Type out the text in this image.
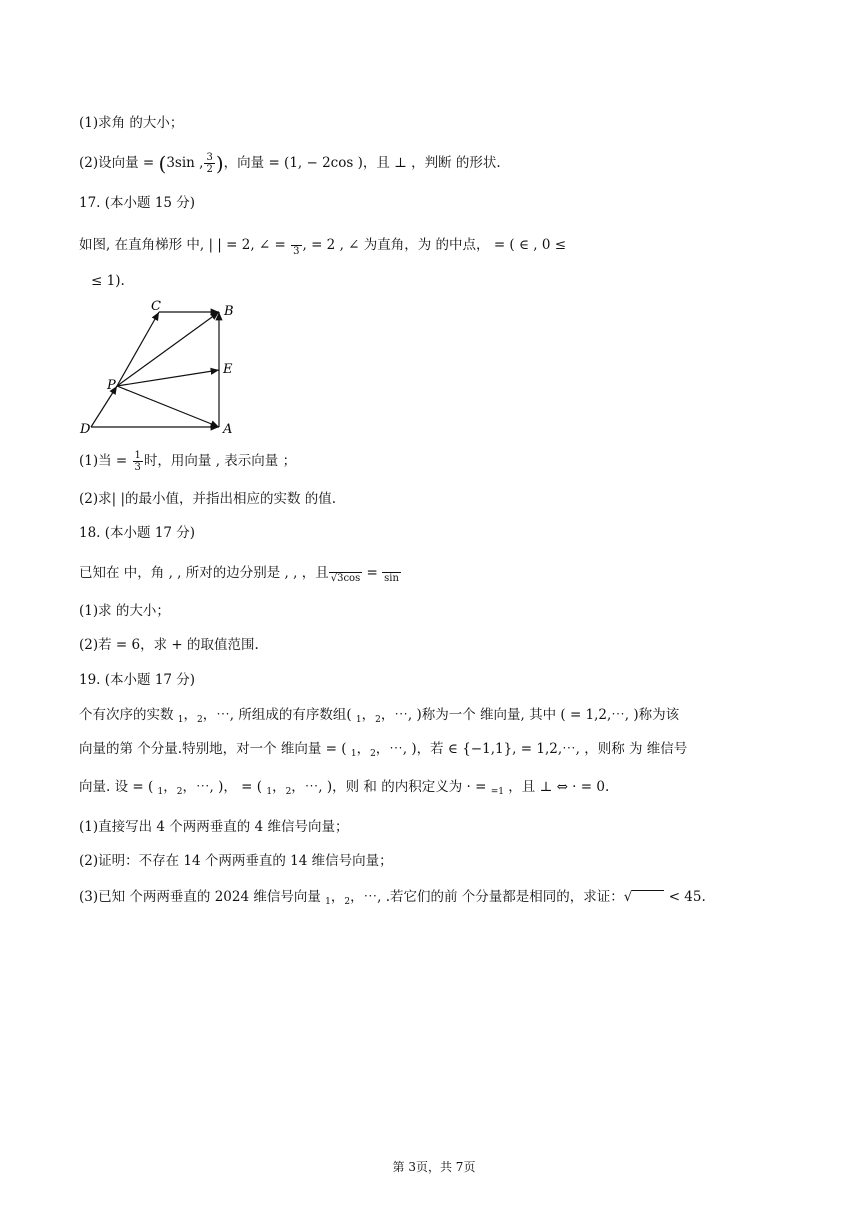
(1)求角 的大小；
(2)设向量 = (3sin , $\frac{3}{2}$ )，向量 = (1, − 2cos )，且 ⊥ ，判断 的形状.
17. (本小题 15 分)
如图, 在直角梯形 中, | | = 2, ∠ =
3 , = 2 , ∠ 为直角，为 的中点， = ( ∈ , 0 ≤
≤ 1).
C	B
P
E
D	A
(1)当 = $\frac{1}{3}$ 时，用向量 , 表示向量 ；
(2)求| |的最小值，并指出相应的实数 的值.
18. (本小题 17 分)
已知在 中，角 , , 所对的边分别是 , , ，且
√3cos =
sin
(1)求 的大小；
(2)若 = 6，求 + 的取值范围.
19. (本小题 17 分)
个有次序的实数 $_1$，$_2$，⋯, 所组成的有序数组( $_1$，$_2$，⋯, )称为一个 维向量, 其中 ( = 1,2,⋯, )称为该
向量的第 个分量.特别地，对一个 维向量 = ( $_1$，$_2$，⋯, )，若 ∈ {−1,1}, = 1,2,⋯, ，则称 为 维信号
向量. 设 = ( $_1$，$_2$，⋯, )， = ( $_1$，$_2$，⋯, )，则 和 的内积定义为 · = $_{=1}$ ，且 ⊥ ⇔ · = 0.
(1)直接写出 4 个两两垂直的 4 维信号向量；
(2)证明：不存在 14 个两两垂直的 14 维信号向量；
(3)已知 个两两垂直的 2024 维信号向量 $_1$，$_2$，⋯, .若它们的前 个分量都是相同的，求证：√ < 45.
第 3页，共 7页
